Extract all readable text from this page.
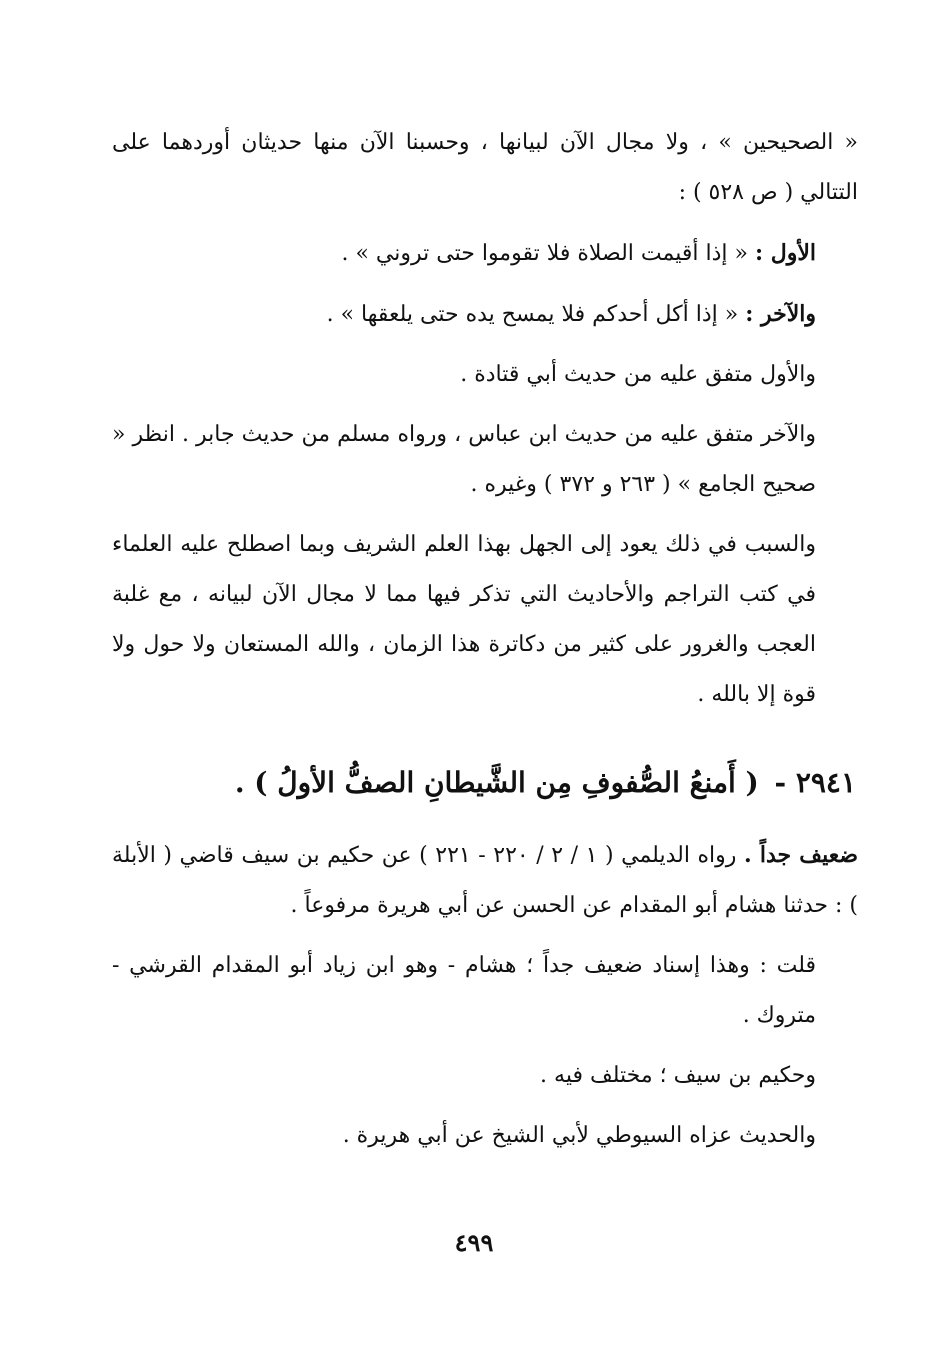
« الصحيحين » ، ولا مجال الآن لبيانها ، وحسبنا الآن منها حديثان أوردهما على التتالي ( ص ٥٢٨ ) :

الأول : « إذا أقيمت الصلاة فلا تقوموا حتى تروني » .

والآخر : « إذا أكل أحدكم فلا يمسح يده حتى يلعقها » .

والأول متفق عليه من حديث أبي قتادة .

والآخر متفق عليه من حديث ابن عباس ، ورواه مسلم من حديث جابر . انظر « صحيح الجامع » ( ٢٦٣ و ٣٧٢ ) وغيره .

والسبب في ذلك يعود إلى الجهل بهذا العلم الشريف وبما اصطلح عليه العلماء في كتب التراجم والأحاديث التي تذكر فيها مما لا مجال الآن لبيانه ، مع غلبة العجب والغرور على كثير من دكاترة هذا الزمان ، والله المستعان ولا حول ولا قوة إلا بالله .

٢٩٤١ - ( أَمنعُ الصُّفوفِ مِن الشَّيطانِ الصفُّ الأولُ ) .

ضعيف جداً . رواه الديلمي ( ١ / ٢ / ٢٢٠ - ٢٢١ ) عن حكيم بن سيف قاضي ( الأبلة ) : حدثنا هشام أبو المقدام عن الحسن عن أبي هريرة مرفوعاً .

قلت : وهذا إسناد ضعيف جداً ؛ هشام - وهو ابن زياد أبو المقدام القرشي - متروك .

وحكيم بن سيف ؛ مختلف فيه .

والحديث عزاه السيوطي لأبي الشيخ عن أبي هريرة .

٤٩٩
